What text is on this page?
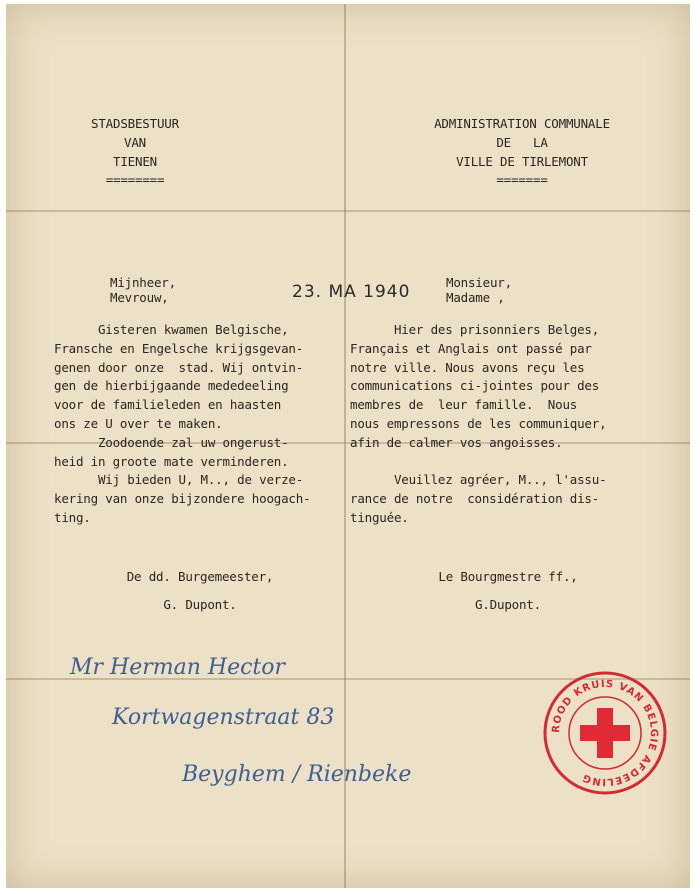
STADSBESTUUR
VAN
TIENEN
========
ADMINISTRATION COMMUNALE
DE   LA
VILLE DE TIRLEMONT
=======
Mijnheer,
Mevrouw,
Monsieur,
Madame ,
23. MA 1940
Gisteren kwamen Belgische,
Fransche en Engelsche krijgsgevan-
genen door onze  stad. Wij ontvin-
gen de hierbijgaande mededeeling
voor de familieleden en haasten
ons ze U over te maken.
Zoodoende zal uw ongerust-
heid in groote mate verminderen.
Wij bieden U, M.., de verze-
kering van onze bijzondere hoogach-
ting.
Hier des prisonniers Belges,
Français et Anglais ont passé par
notre ville. Nous avons reçu les
communications ci-jointes pour des
membres de  leur famille.  Nous
nous empressons de les communiquer,
afin de calmer vos angoisses.
Veuillez agréer, M.., l'assu-
rance de notre  considération dis-
tinguée.
De dd. Burgemeester,
G. Dupont.
Le Bourgmestre ff.,
G.Dupont.
Mr Herman Hector
Kortwagenstraat 83
Beyghem / Rienbeke
ROOD KRUIS VAN BELGIE AFDEELING
